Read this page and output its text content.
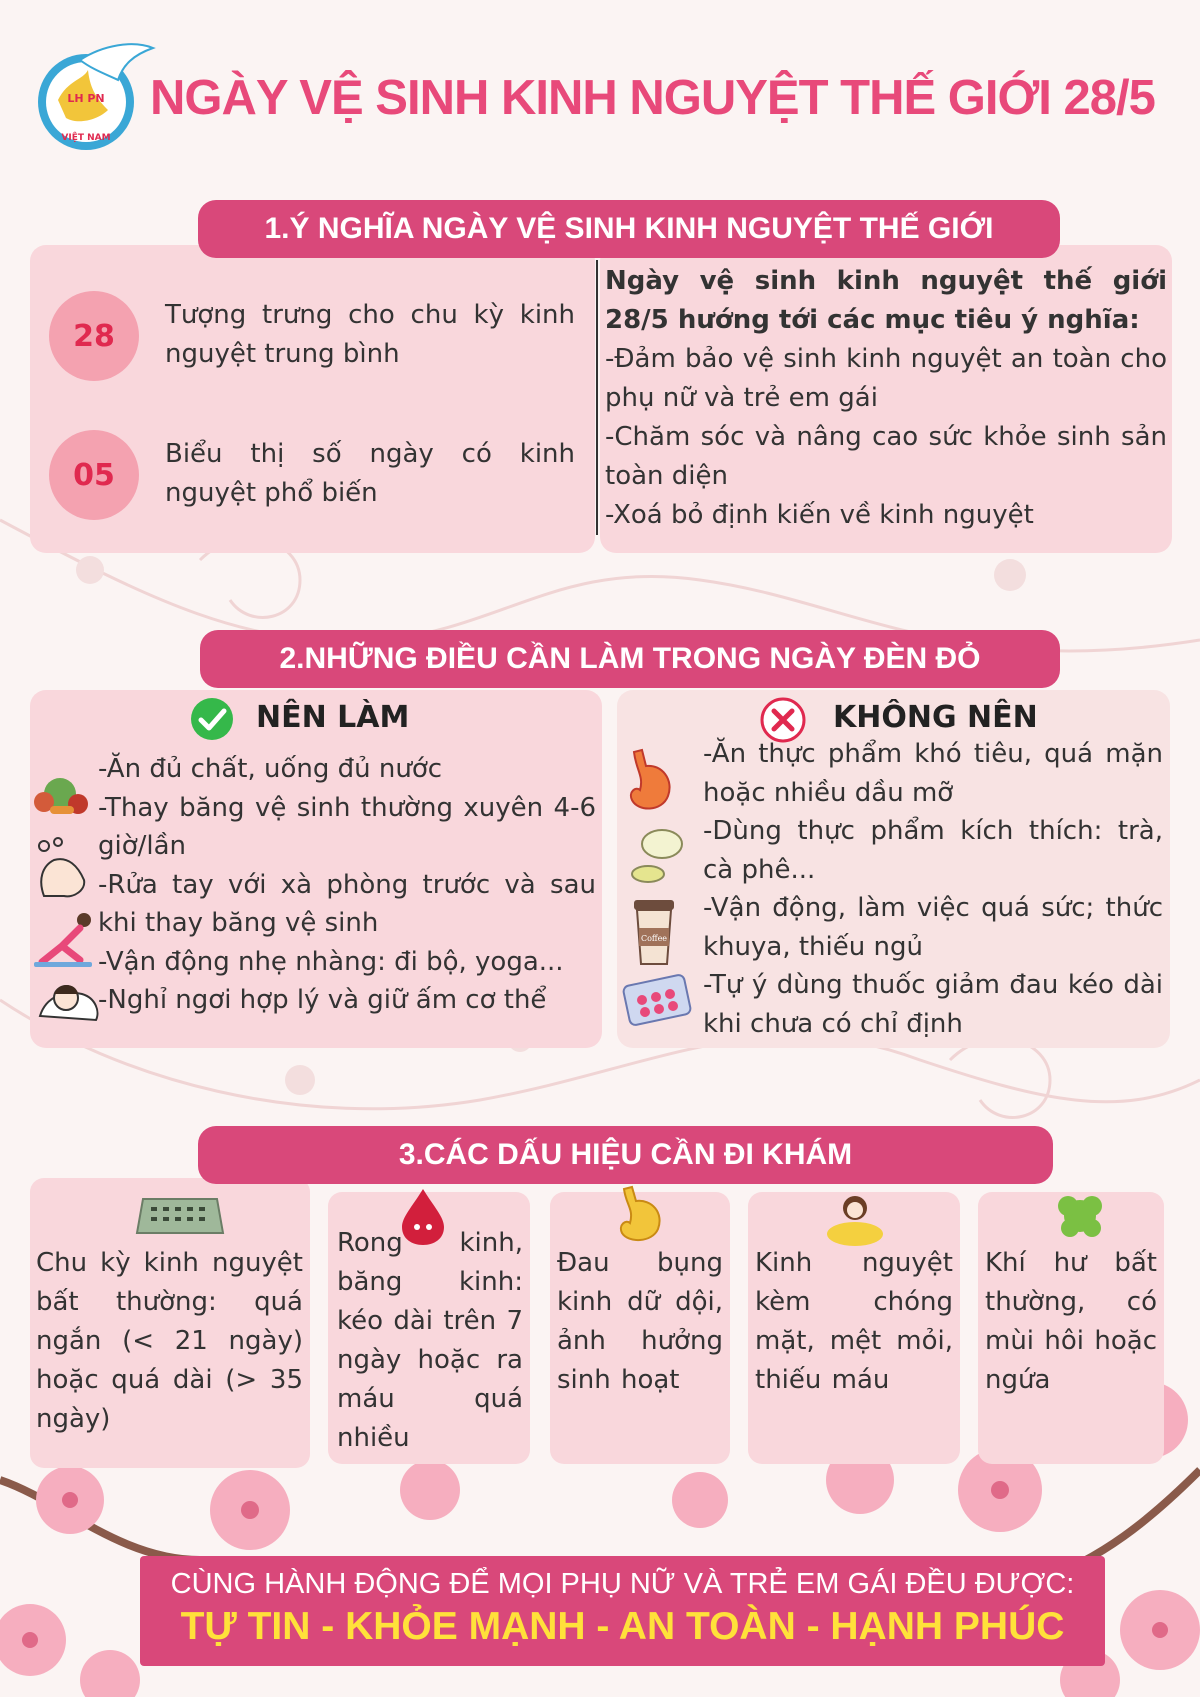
LH PN
VIỆT NAM
NGÀY VỆ SINH KINH NGUYỆT THẾ GIỚI 28/5
1.Ý NGHĨA NGÀY VỆ SINH KINH NGUYỆT THẾ GIỚI
28
Tượng trưng cho chu kỳ kinh nguyệt trung bình
05
Biểu thị số ngày có kinh nguyệt phổ biến
Ngày vệ sinh kinh nguyệt thế giới 28/5 hướng tới các mục tiêu ý nghĩa:
-Đảm bảo vệ sinh kinh nguyệt an toàn cho phụ nữ và trẻ em gái
-Chăm sóc và nâng cao sức khỏe sinh sản toàn diện
-Xoá bỏ định kiến về kinh nguyệt
2.NHỮNG ĐIỀU CẦN LÀM TRONG NGÀY ĐÈN ĐỎ
NÊN LÀM	KHÔNG NÊN
-Ăn đủ chất, uống đủ nước
-Thay băng vệ sinh thường xuyên 4-6 giờ/lần
-Rửa tay với xà phòng trước và sau khi thay băng vệ sinh
-Vận động nhẹ nhàng: đi bộ, yoga...
-Nghỉ ngơi hợp lý và giữ ấm cơ thể
Coffee
-Ăn thực phẩm khó tiêu, quá mặn hoặc nhiều dầu mỡ
-Dùng thực phẩm kích thích: trà, cà phê...
-Vận động, làm việc quá sức; thức khuya, thiếu ngủ
-Tự ý dùng thuốc giảm đau kéo dài khi chưa có chỉ định
3.CÁC DẤU HIỆU CẦN ĐI KHÁM
Chu kỳ kinh nguyệt bất thường: quá ngắn (< 21 ngày) hoặc quá dài (> 35 ngày)
Rong kinh, băng kinh: kéo dài trên 7 ngày hoặc ra máu quá nhiều
Đau bụng kinh dữ dội, ảnh hưởng sinh hoạt
Kinh nguyệt kèm chóng mặt, mệt mỏi, thiếu máu
Khí hư bất thường, có mùi hôi hoặc ngứa
CÙNG HÀNH ĐỘNG ĐỂ MỌI PHỤ NỮ VÀ TRẺ EM GÁI ĐỀU ĐƯỢC:
TỰ TIN - KHỎE MẠNH - AN TOÀN - HẠNH PHÚC
